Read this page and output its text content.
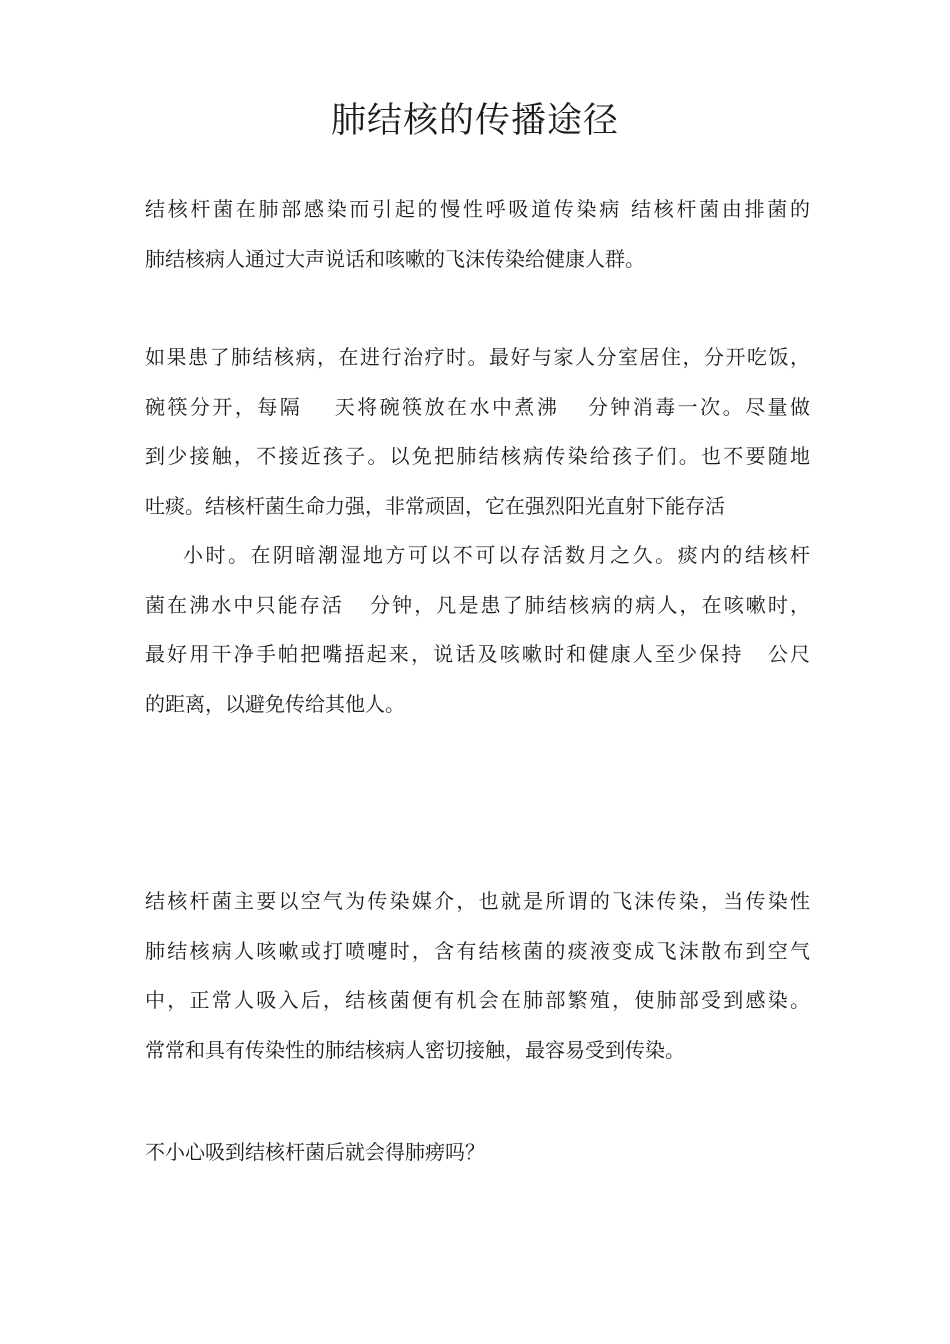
肺结核的传播途径
结核杆菌在肺部感染而引起的慢性呼吸道传染病 结核杆菌由排菌的
肺结核病人通过大声说话和咳嗽的飞沫传染给健康人群。
如果患了肺结核病，在进行治疗时。最好与家人分室居住，分开吃饭，
碗筷分开，每隔 天将碗筷放在水中煮沸 分钟消毒一次。尽量做
到少接触，不接近孩子。以免把肺结核病传染给孩子们。也不要随地
吐痰。结核杆菌生命力强，非常顽固，它在强烈阳光直射下能存活
小时。在阴暗潮湿地方可以不可以存活数月之久。痰内的结核杆
菌在沸水中只能存活 分钟，凡是患了肺结核病的病人，在咳嗽时，
最好用干净手帕把嘴捂起来，说话及咳嗽时和健康人至少保持 公尺
的距离，以避免传给其他人。
结核杆菌主要以空气为传染媒介，也就是所谓的飞沫传染，当传染性
肺结核病人咳嗽或打喷嚏时，含有结核菌的痰液变成飞沫散布到空气
中，正常人吸入后，结核菌便有机会在肺部繁殖，使肺部受到感染。
常常和具有传染性的肺结核病人密切接触，最容易受到传染。
不小心吸到结核杆菌后就会得肺痨吗？
